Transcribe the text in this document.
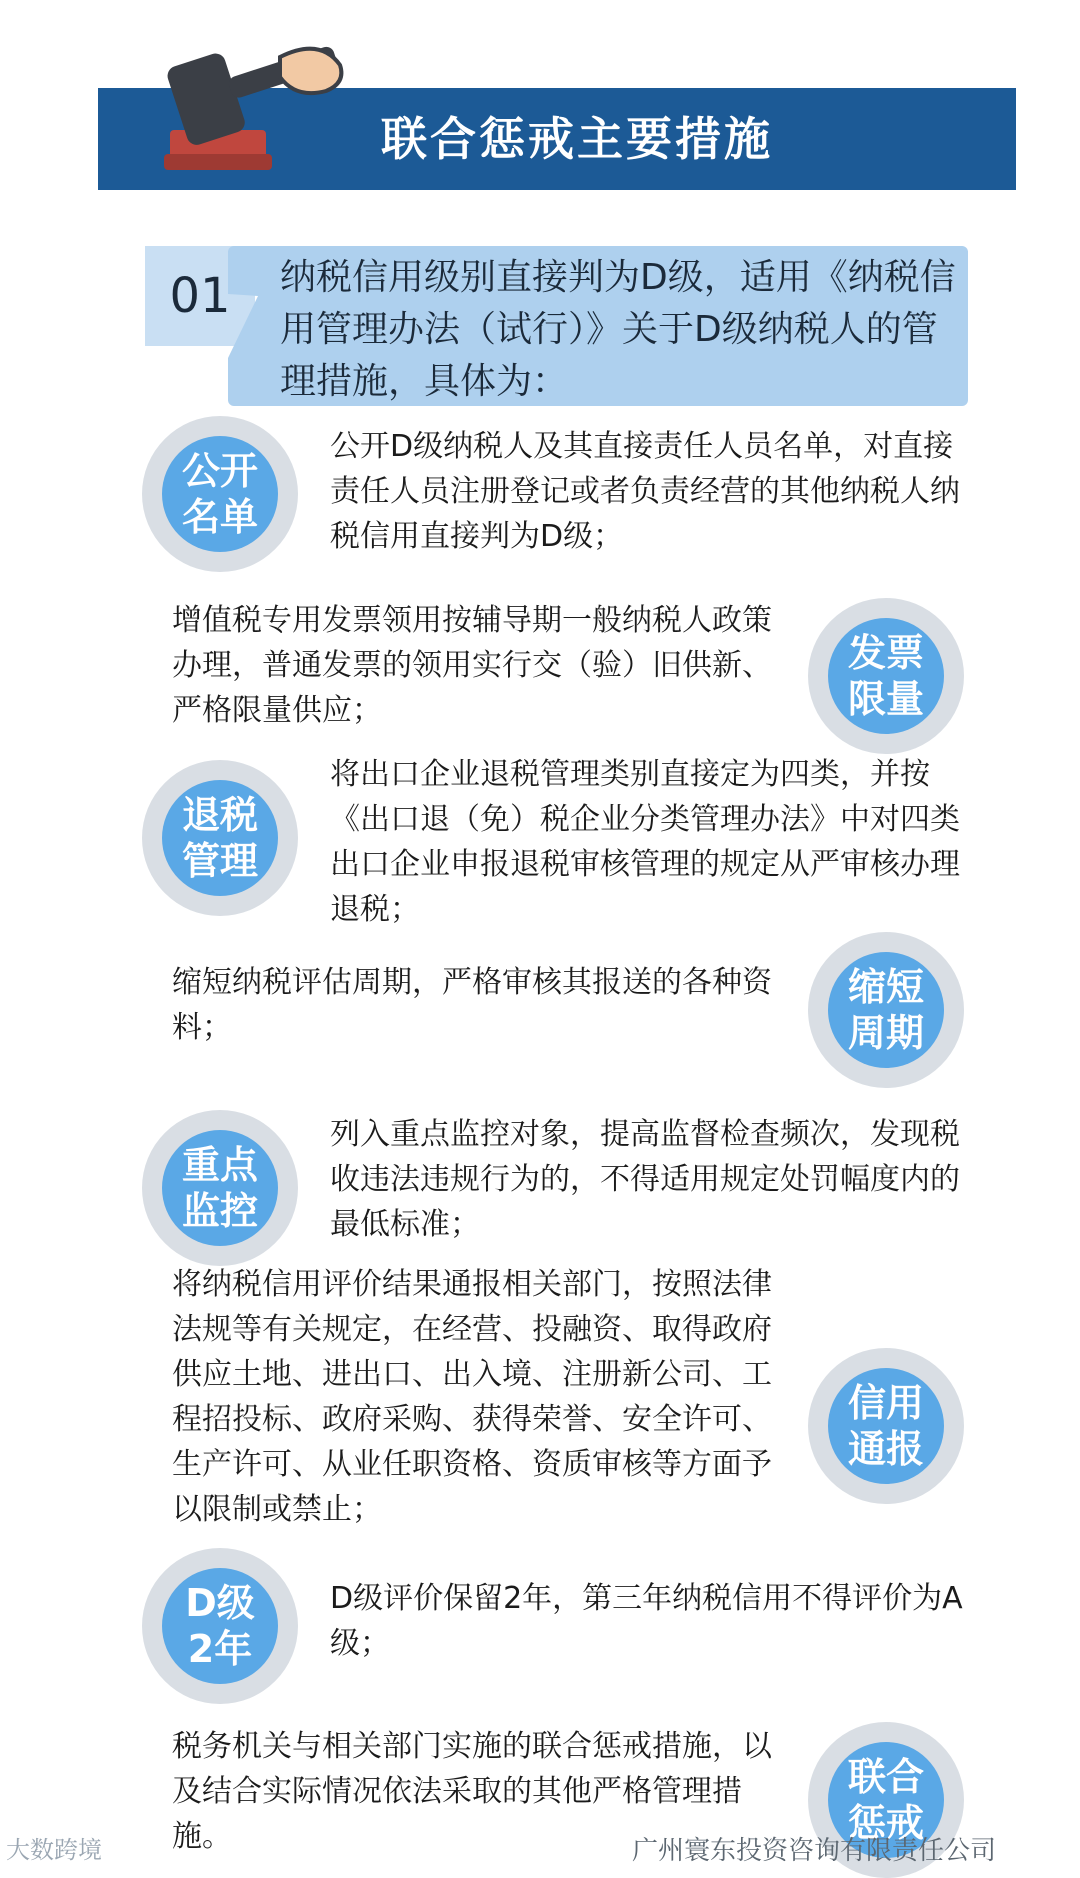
联合惩戒主要措施
01	纳税信用级别直接判为D级，适用《纳税信用管理办法（试行）》关于D级纳税人的管理措施，具体为：
公开名单
公开D级纳税人及其直接责任人员名单，对直接责任人员注册登记或者负责经营的其他纳税人纳税信用直接判为D级；
发票限量
增值税专用发票领用按辅导期一般纳税人政策办理，普通发票的领用实行交（验）旧供新、严格限量供应；
退税管理
将出口企业退税管理类别直接定为四类，并按《出口退（免）税企业分类管理办法》中对四类出口企业申报退税审核管理的规定从严审核办理退税；
缩短周期
缩短纳税评估周期，严格审核其报送的各种资料；
重点监控
列入重点监控对象，提高监督检查频次，发现税收违法违规行为的，不得适用规定处罚幅度内的最低标准；
信用通报
将纳税信用评价结果通报相关部门，按照法律法规等有关规定，在经营、投融资、取得政府供应土地、进出口、出入境、注册新公司、工程招投标、政府采购、获得荣誉、安全许可、生产许可、从业任职资格、资质审核等方面予以限制或禁止；
D级2年
D级评价保留2年，第三年纳税信用不得评价为A级；
联合惩戒
税务机关与相关部门实施的联合惩戒措施，以及结合实际情况依法采取的其他严格管理措施。
大数跨境	广州寰东投资咨询有限责任公司
